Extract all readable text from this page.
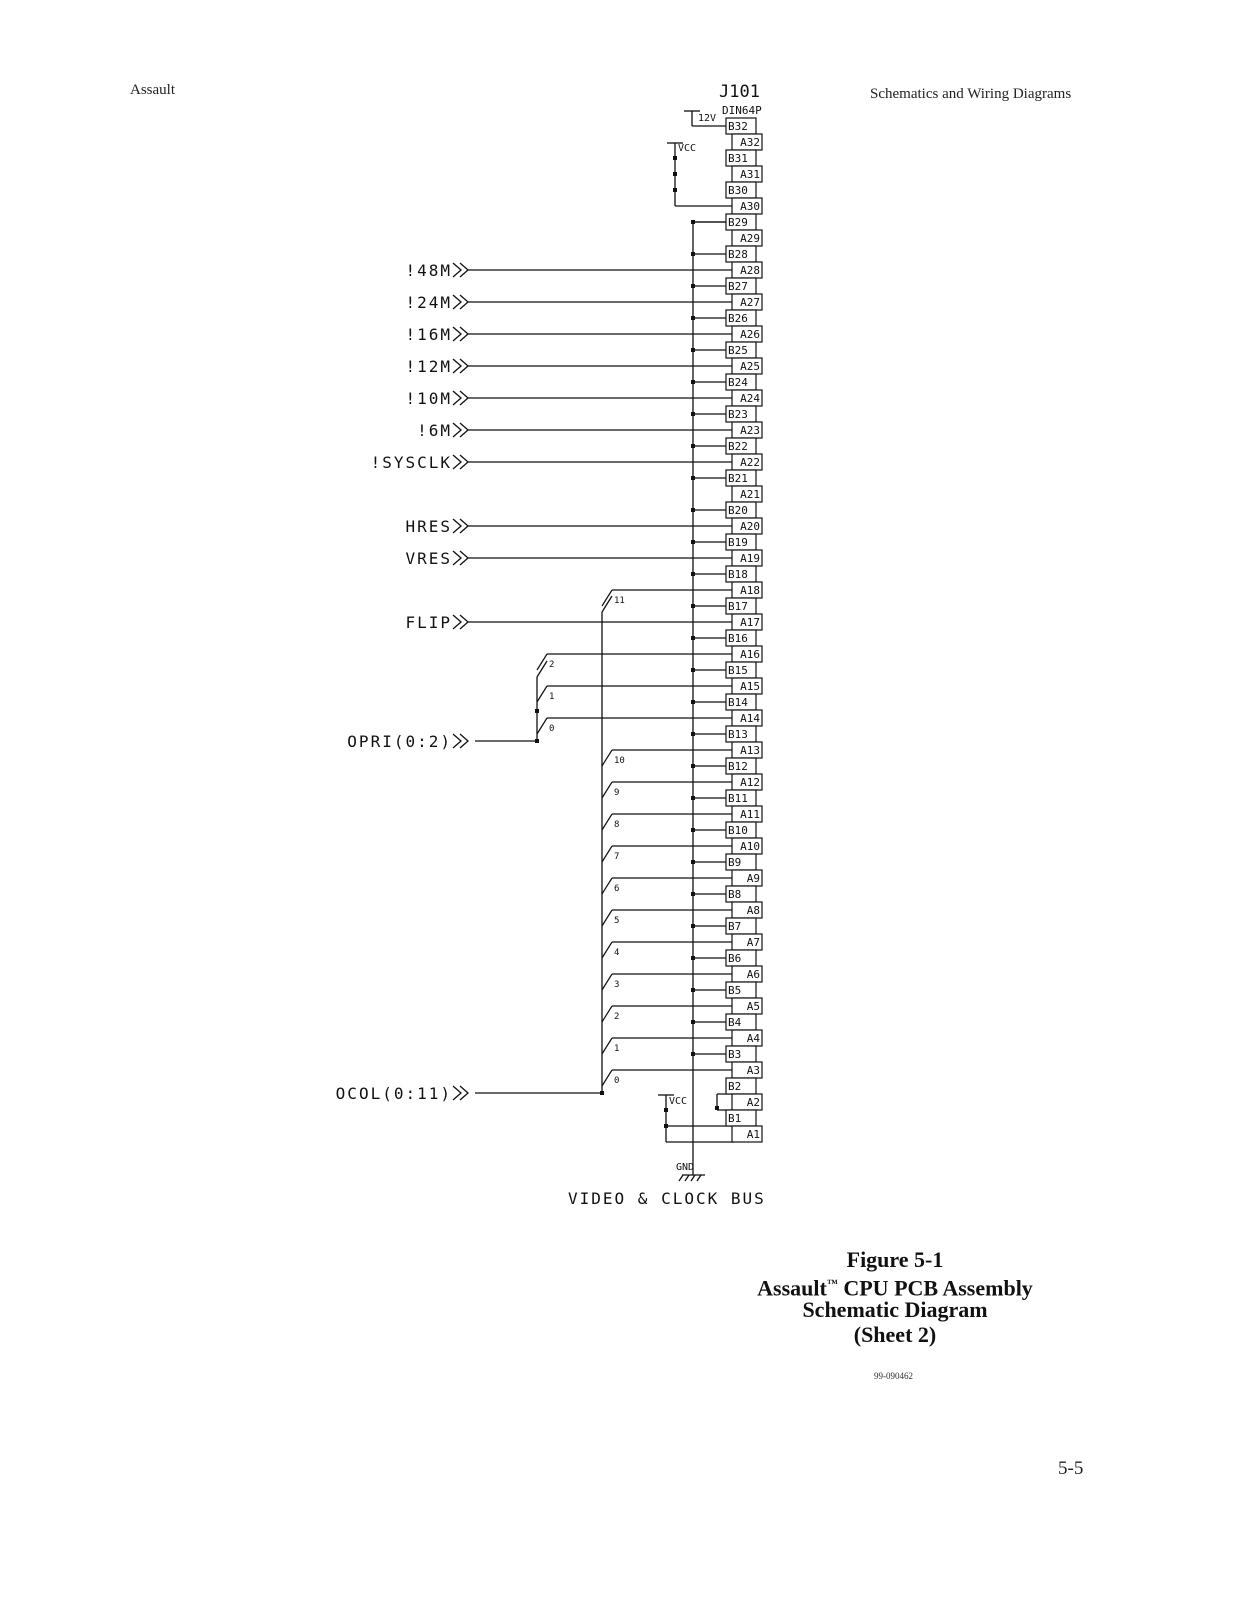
Assault	Schematics and Wiring Diagrams
J101
DIN64P
B32
A32
B31
A31
B30
A30
B29
A29
B28
A28
B27
A27
B26
A26
B25
A25
B24
A24
B23
A23
B22
A22
B21
A21
B20
A20
B19
A19
B18
A18
B17
A17
B16
A16
B15
A15
B14
A14
B13
A13
B12
A12
B11
A11
B10
A10
B9
A9
B8
A8
B7
A7
B6
A6
B5
A5
B4
A4
B3
A3
B2
A2
B1
A1
!48M
!24M
!16M
!12M
!10M
!6M
!SYSCLK
HRES
VRES
FLIP
OPRI(0:2)
2
1
0
OCOL(0:11)
11
10
9
8
7
6
5
4
3
2
1
0
VCC
12V
VCC
GND
VIDEO & CLOCK BUS
Figure 5-1
Assault™ CPU PCB Assembly
Schematic Diagram
(Sheet 2)
99-090462
5-5
